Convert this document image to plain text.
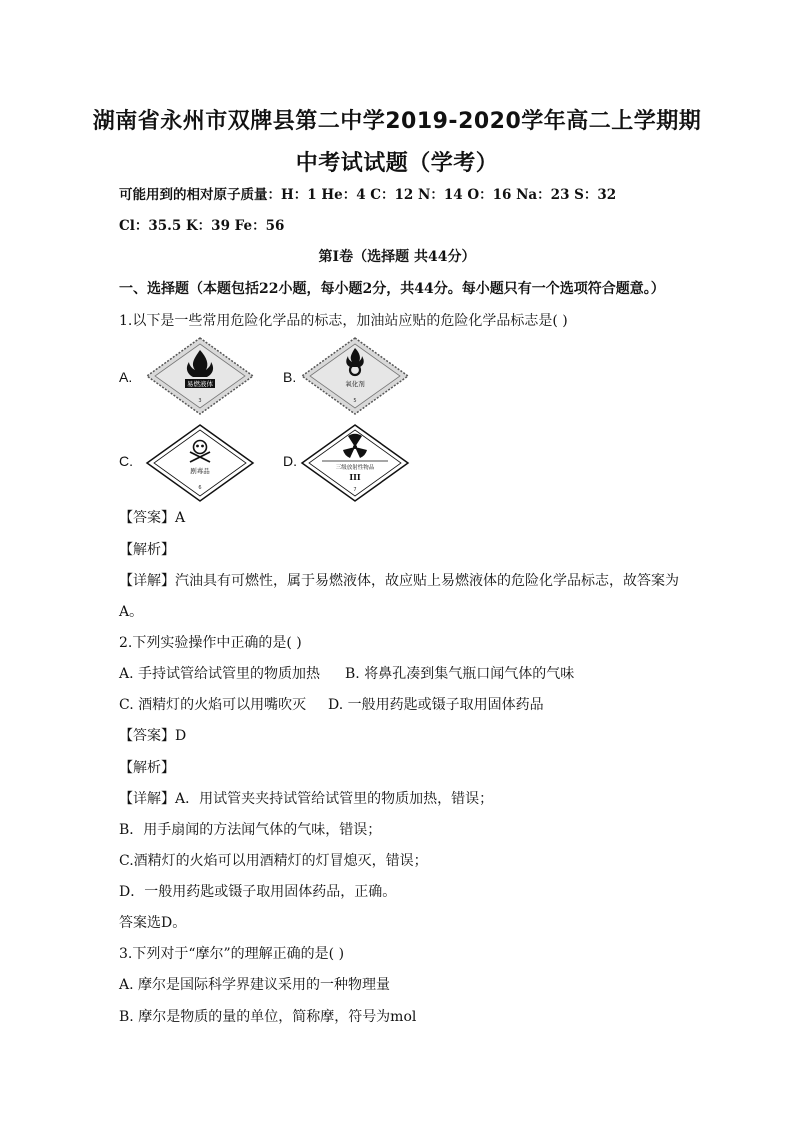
湖南省永州市双牌县第二中学2019-2020学年高二上学期期
中考试试题（学考）
可能用到的相对原子质量：H：1 He：4 C：12 N：14 O：16 Na：23 S：32
Cl：35.5 K：39 Fe：56
第I卷（选择题 共44分）
一、选择题（本题包括22小题，每小题2分，共44分。每小题只有一个选项符合题意。）
1.以下是一些常用危险化学品的标志，加油站应贴的危险化学品标志是( )
A.	易燃液体
3
B.	氧化剂
5
C.
剧毒品
6
D.	三级放射性物品
III
7
【答案】A
【解析】
【详解】汽油具有可燃性，属于易燃液体，故应贴上易燃液体的危险化学品标志，故答案为
A。
2.下列实验操作中正确的是( )
A. 手持试管给试管里的物质加热 B. 将鼻孔凑到集气瓶口闻气体的气味
C. 酒精灯的火焰可以用嘴吹灭 D. 一般用药匙或镊子取用固体药品
【答案】D
【解析】
【详解】A．用试管夹夹持试管给试管里的物质加热，错误；
B．用手扇闻的方法闻气体的气味，错误；
C.酒精灯的火焰可以用酒精灯的灯冒熄灭，错误；
D．一般用药匙或镊子取用固体药品，正确。
答案选D。
3.下列对于“摩尔”的理解正确的是( )
A. 摩尔是国际科学界建议采用的一种物理量
B. 摩尔是物质的量的单位，简称摩，符号为mol
